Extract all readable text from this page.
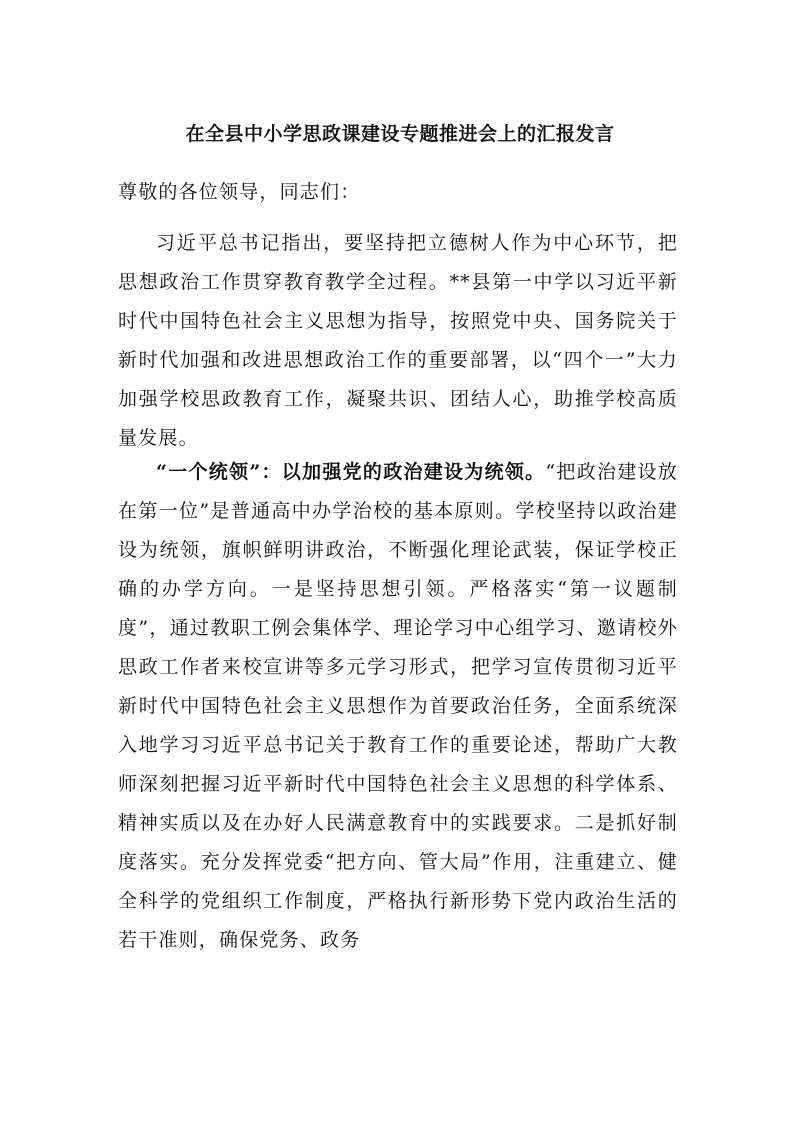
在全县中小学思政课建设专题推进会上的汇报发言

尊敬的各位领导，同志们：

习近平总书记指出，要坚持把立德树人作为中心环节，把思想政治工作贯穿教育教学全过程。**县第一中学以习近平新时代中国特色社会主义思想为指导，按照党中央、国务院关于新时代加强和改进思想政治工作的重要部署，以“四个一”大力加强学校思政教育工作，凝聚共识、团结人心，助推学校高质量发展。

“一个统领”：以加强党的政治建设为统领。“把政治建设放在第一位”是普通高中办学治校的基本原则。学校坚持以政治建设为统领，旗帜鲜明讲政治，不断强化理论武装，保证学校正确的办学方向。一是坚持思想引领。严格落实“第一议题制度”，通过教职工例会集体学、理论学习中心组学习、邀请校外思政工作者来校宣讲等多元学习形式，把学习宣传贯彻习近平新时代中国特色社会主义思想作为首要政治任务，全面系统深入地学习习近平总书记关于教育工作的重要论述，帮助广大教师深刻把握习近平新时代中国特色社会主义思想的科学体系、精神实质以及在办好人民满意教育中的实践要求。二是抓好制度落实。充分发挥党委“把方向、管大局”作用，注重建立、健全科学的党组织工作制度，严格执行新形势下党内政治生活的若干准则，确保党务、政务
